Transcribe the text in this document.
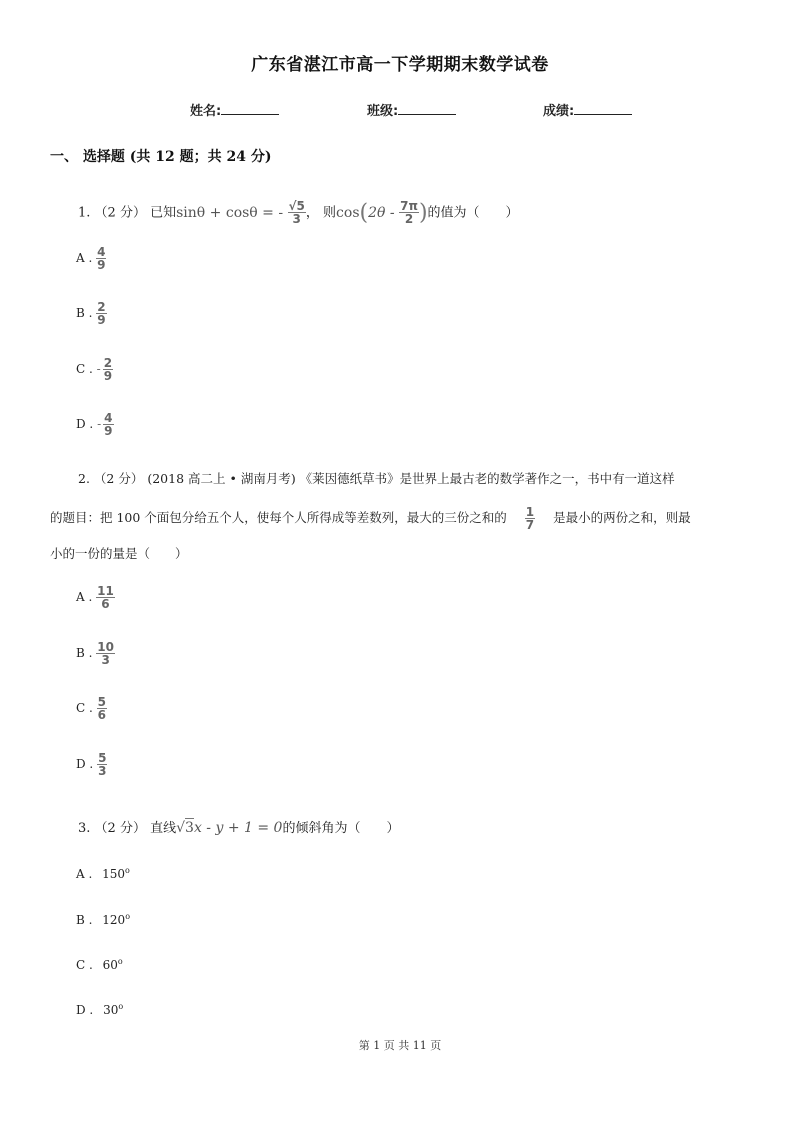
广东省湛江市高一下学期期末数学试卷
姓名:	班级:	成绩:
一、 选择题 (共 12 题；共 24 分)
1. （2 分） 已知sinθ + cosθ = - $\frac{√5}{3}$ ， 则$\cos(2\theta - \frac{7\pi}{2}$ )的值为（　　）
A . $\frac{4}{9}$
B . $\frac{2}{9}$
C . - $\frac{2}{9}$
D . - $\frac{4}{9}$
2. （2 分） (2018 高二上 • 湖南月考) 《莱因德纸草书》是世界上最古老的数学著作之一，书中有一道这样
的题目：把 100 个面包分给五个人，使每个人所得成等差数列，最大的三份之和的 $\frac{1}{7}$ 是最小的两份之和，则最
小的一份的量是（　　）
A . $\frac{11}{6}$
B . $\frac{10}{3}$
C . $\frac{5}{6}$
D . $\frac{5}{3}$
3. （2 分） 直线√3x - y + 1 = 0的倾斜角为（　　）
A . 150$^o$
B . 120$^o$
C . 60$^o$
D . 30$^o$
第 1 页 共 11 页
